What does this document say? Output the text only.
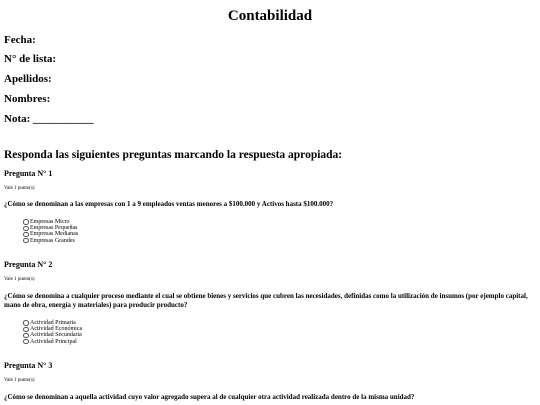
Contabilidad

Fecha:

N° de lista:

Apellidos:

Nombres:

Nota: ___________

Responda las siguientes preguntas marcando la respuesta apropiada:

Pregunta N° 1

Vale 1 punto(s)

¿Cómo se denominan a las empresas con 1 a 9 empleados ventas menores a $100.000 y Activos hasta $100.000?

Empresas Micro
Empresas Pequeñas
Empresas Medianas
Empresas Grandes

Pregunta N° 2

Vale 1 punto(s)

¿Cómo se denomina a cualquier proceso mediante el cual se obtiene bienes y servicios que cubren las necesidades, definidas como la utilización de insumos (por ejemplo capital, mano de obra, energía y materiales) para producir producto?

Actividad Primaria
Actividad Económica
Actividad Secundaria
Actividad Principal

Pregunta N° 3

Vale 1 punto(s)

¿Cómo se denominan a aquella actividad cuyo valor agregado supera al de cualquier otra actividad realizada dentro de la misma unidad?
